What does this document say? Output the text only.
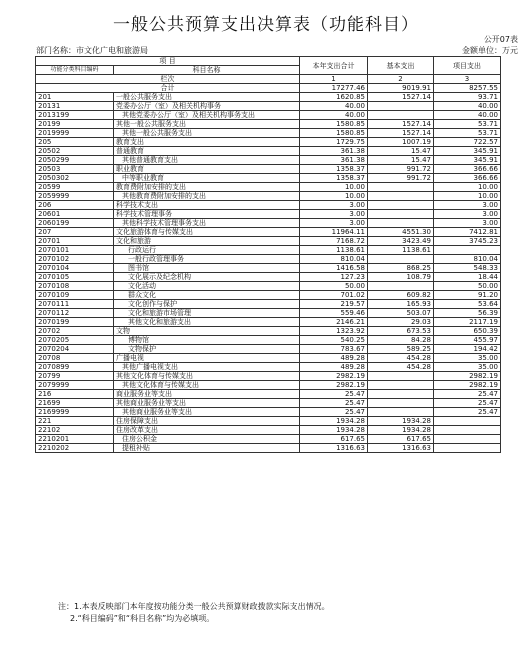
一般公共预算支出决算表（功能科目）
公开07表
部门名称：市文化广电和旅游局	金额单位：万元
项 目		本年支出合计	基本支出	项目支出
功能分类科目编码	科目名称			
栏次		1	2	3
合计		17277.46	9019.91	8257.55
201	一般公共服务支出	1620.85	1527.14	93.71
20131	党委办公厅（室）及相关机构事务	40.00		40.00
2013199	其他党委办公厅（室）及相关机构事务支出	40.00		40.00
20199	其他一般公共服务支出	1580.85	1527.14	53.71
2019999	其他一般公共服务支出	1580.85	1527.14	53.71
205	教育支出	1729.75	1007.19	722.57
20502	普通教育	361.38	15.47	345.91
2050299	其他普通教育支出	361.38	15.47	345.91
20503	职业教育	1358.37	991.72	366.66
2050302	中等职业教育	1358.37	991.72	366.66
20599	教育费附加安排的支出	10.00		10.00
2059999	其他教育费附加安排的支出	10.00		10.00
206	科学技术支出	3.00		3.00
20601	科学技术管理事务	3.00		3.00
2060199	其他科学技术管理事务支出	3.00		3.00
207	文化旅游体育与传媒支出	11964.11	4551.30	7412.81
20701	文化和旅游	7168.72	3423.49	3745.23
2070101	行政运行	1138.61	1138.61	
2070102	一般行政管理事务	810.04		810.04
2070104	图书馆	1416.58	868.25	548.33
2070105	文化展示及纪念机构	127.23	108.79	18.44
2070108	文化活动	50.00		50.00
2070109	群众文化	701.02	609.82	91.20
2070111	文化创作与保护	219.57	165.93	53.64
2070112	文化和旅游市场管理	559.46	503.07	56.39
2070199	其他文化和旅游支出	2146.21	29.03	2117.19
20702	文物	1323.92	673.53	650.39
2070205	博物馆	540.25	84.28	455.97
2070204	文物保护	783.67	589.25	194.42
20708	广播电视	489.28	454.28	35.00
2070899	其他广播电视支出	489.28	454.28	35.00
20799	其他文化体育与传媒支出	2982.19		2982.19
2079999	其他文化体育与传媒支出	2982.19		2982.19
216	商业服务业等支出	25.47		25.47
21699	其他商业服务业等支出	25.47		25.47
2169999	其他商业服务业等支出	25.47		25.47
221	住房保障支出	1934.28	1934.28	
22102	住房改革支出	1934.28	1934.28	
2210201	住房公积金	617.65	617.65	
2210202	提租补贴	1316.63	1316.63	
注：1.本表反映部门本年度按功能分类一般公共预算财政拨款实际支出情况。
2.“科目编码”和“科目名称”均为必填项。
